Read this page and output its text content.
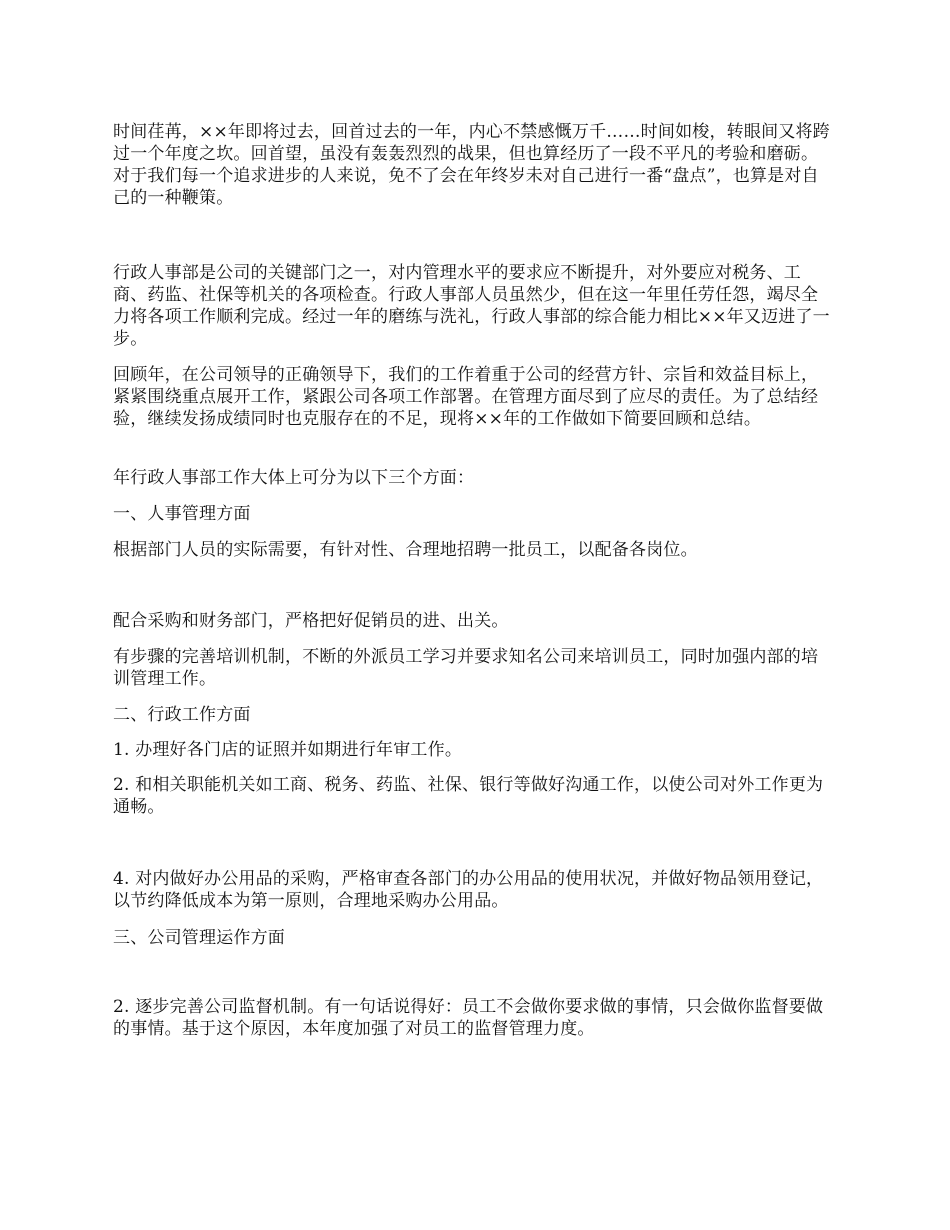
时间荏苒，××年即将过去，回首过去的一年，内心不禁感慨万千……时间如梭，转眼间又将跨过一个年度之坎。回首望，虽没有轰轰烈烈的战果，但也算经历了一段不平凡的考验和磨砺。对于我们每一个追求进步的人来说，免不了会在年终岁未对自己进行一番“盘点”，也算是对自己的一种鞭策。

行政人事部是公司的关键部门之一，对内管理水平的要求应不断提升，对外要应对税务、工商、药监、社保等机关的各项检查。行政人事部人员虽然少，但在这一年里任劳任怨，竭尽全力将各项工作顺利完成。经过一年的磨练与洗礼，行政人事部的综合能力相比××年又迈进了一步。

回顾年，在公司领导的正确领导下，我们的工作着重于公司的经营方针、宗旨和效益目标上，紧紧围绕重点展开工作，紧跟公司各项工作部署。在管理方面尽到了应尽的责任。为了总结经验，继续发扬成绩同时也克服存在的不足，现将××年的工作做如下简要回顾和总结。

年行政人事部工作大体上可分为以下三个方面：

一、人事管理方面

根据部门人员的实际需要，有针对性、合理地招聘一批员工，以配备各岗位。

配合采购和财务部门，严格把好促销员的进、出关。

有步骤的完善培训机制，不断的外派员工学习并要求知名公司来培训员工，同时加强内部的培训管理工作。

二、行政工作方面

1. 办理好各门店的证照并如期进行年审工作。

2. 和相关职能机关如工商、税务、药监、社保、银行等做好沟通工作，以使公司对外工作更为通畅。

4. 对内做好办公用品的采购，严格审查各部门的办公用品的使用状况，并做好物品领用登记，以节约降低成本为第一原则，合理地采购办公用品。

三、公司管理运作方面

2. 逐步完善公司监督机制。有一句话说得好：员工不会做你要求做的事情，只会做你监督要做的事情。基于这个原因，本年度加强了对员工的监督管理力度。
